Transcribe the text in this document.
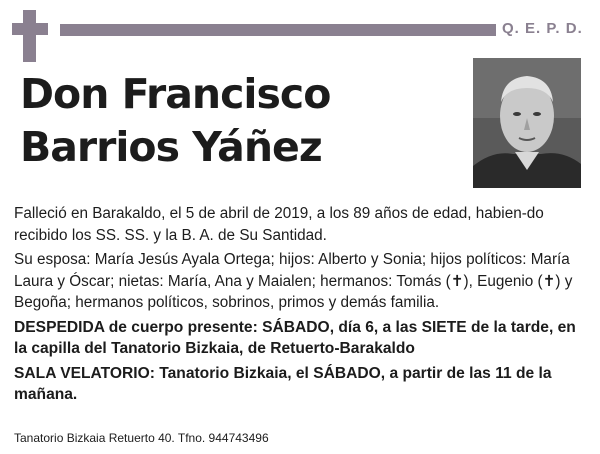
Q. E. P. D.
Don Francisco
Barrios Yáñez

Falleció en Barakaldo, el 5 de abril de 2019, a los 89 años de edad, habien-do recibido los SS. SS. y la B. A. de Su Santidad.

Su esposa: María Jesús Ayala Ortega; hijos: Alberto y Sonia; hijos políticos: María Laura y Óscar; nietas: María, Ana y Maialen; hermanos: Tomás (✝), Eugenio (✝) y Begoña; hermanos políticos, sobrinos, primos y demás familia.

DESPEDIDA de cuerpo presente: SÁBADO, día 6, a las SIETE de la tarde, en la capilla del Tanatorio Bizkaia, de Retuerto-Barakaldo

SALA VELATORIO: Tanatorio Bizkaia, el SÁBADO, a partir de las 11 de la mañana.

Tanatorio Bizkaia Retuerto 40. Tfno. 944743496
